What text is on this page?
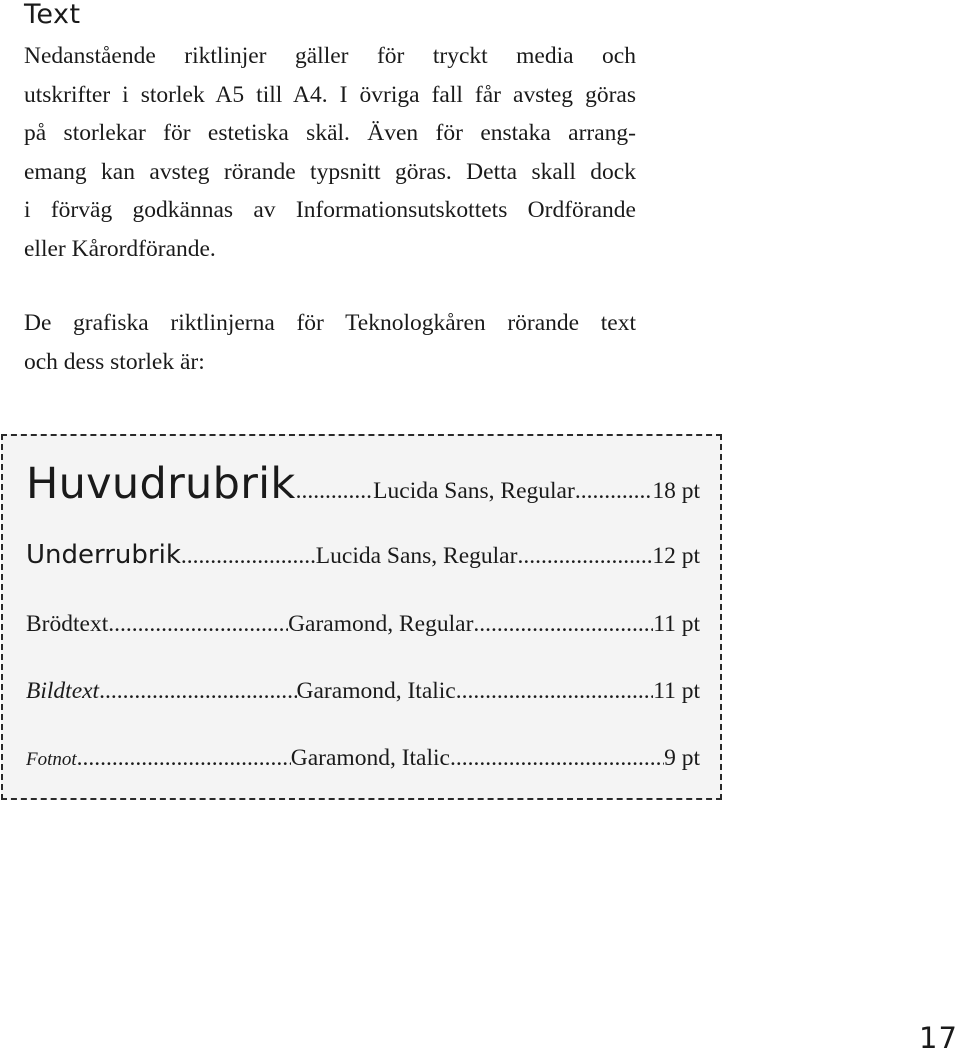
Text

Nedanstående riktlinjer gäller för tryckt media och
utskrifter i storlek A5 till A4. I övriga fall får avsteg göras
på storlekar för estetiska skäl. Även för enstaka arrang-
emang kan avsteg rörande typsnitt göras. Detta skall dock
i förväg godkännas av Informationsutskottets Ordförande
eller Kårordförande.

De grafiska riktlinjerna för Teknologkåren rörande text
och dess storlek är:

Huvudrubrik .....	Lucida Sans, Regular .....	18 pt
Underrubrik .....	Lucida Sans, Regular .....	12 pt
Brödtext .....	Garamond, Regular .....	11 pt
Bildtext .....	Garamond, Italic .....	11 pt
Fotnot .....	Garamond, Italic .....	9 pt
17
